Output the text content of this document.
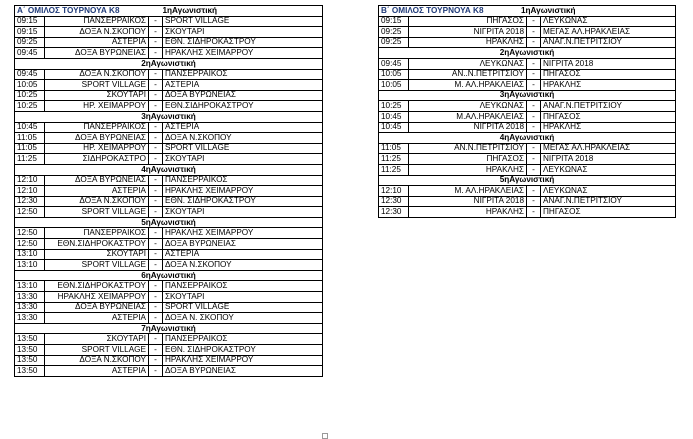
Α΄ ΟΜΙΛΟΣ ΤΟΥΡΝΟΥΑ Κ8 1ηΑγωνιστική			

09:15	ΠΑΝΣΕΡΡΑΙΚΟΣ	-	SPORT VILLAGE
09:15	ΔΟΞΑ Ν.ΣΚΟΠΟΥ	-	ΣΚΟΥΤΑΡΙ
09:25	ΑΣΤΕΡΙΑ	-	ΕΘΝ. ΣΙΔΗΡΟΚΑΣΤΡΟΥ
09:45	ΔΟΞΑ ΒΥΡΩΝΕΙΑΣ	-	ΗΡΑΚΛΗΣ ΧΕΙΜΑΡΡΟΥ
2ηΑγωνιστική			
09:45	ΔΟΞΑ Ν.ΣΚΟΠΟΥ	-	ΠΑΝΣΕΡΡΑΙΚΟΣ
10:05	SPORT VILLAGE	-	ΑΣΤΕΡΙΑ
10:25	ΣΚΟΥΤΑΡΙ	-	ΔΟΞΑ ΒΥΡΩΝΕΙΑΣ
10:25	ΗΡ. ΧΕΙΜΑΡΡΟΥ	-	ΕΘΝ.ΣΙΔΗΡΟΚΑΣΤΡΟΥ
3ηΑγωνιστική			
10:45	ΠΑΝΣΕΡΡΑΙΚΟΣ	-	ΑΣΤΕΡΙΑ
11:05	ΔΟΞΑ ΒΥΡΩΝΕΙΑΣ	-	ΔΟΞΑ Ν.ΣΚΟΠΟΥ
11:05	ΗΡ. ΧΕΙΜΑΡΡΟΥ	-	SPORT VILLAGE
11:25	ΣΙΔΗΡΟΚΑΣΤΡΟ	-	ΣΚΟΥΤΑΡΙ
4ηΑγωνιστική			
12:10	ΔΟΞΑ ΒΥΡΩΝΕΙΑΣ	-	ΠΑΝΣΕΡΡΑΙΚΟΣ
12:10	ΑΣΤΕΡΙΑ	-	ΗΡΑΚΛΗΣ ΧΕΙΜΑΡΡΟΥ
12:30	ΔΟΞΑ Ν.ΣΚΟΠΟΥ	-	ΕΘΝ. ΣΙΔΗΡΟΚΑΣΤΡΟΥ
12:50	SPORT VILLAGE	-	ΣΚΟΥΤΑΡΙ
5ηΑγωνιστική			
12:50	ΠΑΝΣΕΡΡΑΙΚΟΣ	-	ΗΡΑΚΛΗΣ ΧΕΙΜΑΡΡΟΥ
12:50	ΕΘΝ.ΣΙΔΗΡΟΚΑΣΤΡΟΥ	-	ΔΟΞΑ ΒΥΡΩΝΕΙΑΣ
13:10	ΣΚΟΥΤΑΡΙ	-	ΑΣΤΕΡΙΑ
13:10	SPORT VILLAGE	-	ΔΟΞΑ Ν.ΣΚΟΠΟΥ
6ηΑγωνιστική			
13:10	ΕΘΝ.ΣΙΔΗΡΟΚΑΣΤΡΟΥ	-	ΠΑΝΣΕΡΡΑΙΚΟΣ
13:30	ΗΡΑΚΛΗΣ ΧΕΙΜΑΡΡΟΥ	-	ΣΚΟΥΤΑΡΙ
13:30	ΔΟΞΑ ΒΥΡΩΝΕΙΑΣ	-	SPORT VILLAGE
13:30	ΑΣΤΕΡΙΑ	-	ΔΟΞΑ Ν. ΣΚΟΠΟΥ
7ηΑγωνιστική			
13:50	ΣΚΟΥΤΑΡΙ	-	ΠΑΝΣΕΡΡΑΙΚΟΣ
13:50	SPORT VILLAGE	-	ΕΘΝ. ΣΙΔΗΡΟΚΑΣΤΡΟΥ
13:50	ΔΟΞΑ Ν.ΣΚΟΠΟΥ	-	ΗΡΑΚΛΗΣ ΧΕΙΜΑΡΡΟΥ
13:50	ΑΣΤΕΡΙΑ	-	ΔΟΞΑ ΒΥΡΩΝΕΙΑΣ
Β΄ ΟΜΙΛΟΣ ΤΟΥΡΝΟΥΑ Κ8 1ηΑγωνιστική			

09:15	ΠΗΓΑΣΟΣ	-	ΛΕΥΚΩΝΑΣ
09:25	ΝΙΓΡΙΤΑ 2018	-	ΜΕΓΑΣ ΑΛ.ΗΡΑΚΛΕΙΑΣ
09:25	ΗΡΑΚΛΗΣ	-	ΑΝΑΓ.Ν.ΠΕΤΡΙΤΣΙΟΥ
2ηΑγωνιστική			
09:45	ΛΕΥΚΩΝΑΣ	-	ΝΙΓΡΙΤΑ 2018
10:05	ΑΝ..Ν.ΠΕΤΡΙΤΣΙΟΥ	-	ΠΗΓΑΣΟΣ
10:05	Μ. ΑΛ.ΗΡΑΚΛΕΙΑΣ	-	ΗΡΑΚΛΗΣ
3ηΑγωνιστική			
10:25	ΛΕΥΚΩΝΑΣ	-	ΑΝΑΓ.Ν.ΠΕΤΡΙΤΣΙΟΥ
10:45	Μ.ΑΛ.ΗΡΑΚΛΕΙΑΣ	-	ΠΗΓΑΣΟΣ
10:45	ΝΙΓΡΙΤΑ 2018	-	ΗΡΑΚΛΗΣ
4ηΑγωνιστική			
11:05	ΑΝ.Ν.ΠΕΤΡΙΤΣΙΟΥ	-	ΜΕΓΑΣ ΑΛ.ΗΡΑΚΛΕΙΑΣ
11:25	ΠΗΓΑΣΟΣ	-	ΝΙΓΡΙΤΑ 2018
11:25	ΗΡΑΚΛΗΣ	-	ΛΕΥΚΩΝΑΣ
5ηΑγωνιστική			
12:10	Μ. ΑΛ.ΗΡΑΚΛΕΙΑΣ	-	ΛΕΥΚΩΝΑΣ
12:30	ΝΙΓΡΙΤΑ 2018	-	ΑΝΑΓ.Ν.ΠΕΤΡΙΤΣΙΟΥ
12:30	ΗΡΑΚΛΗΣ	-	ΠΗΓΑΣΟΣ
